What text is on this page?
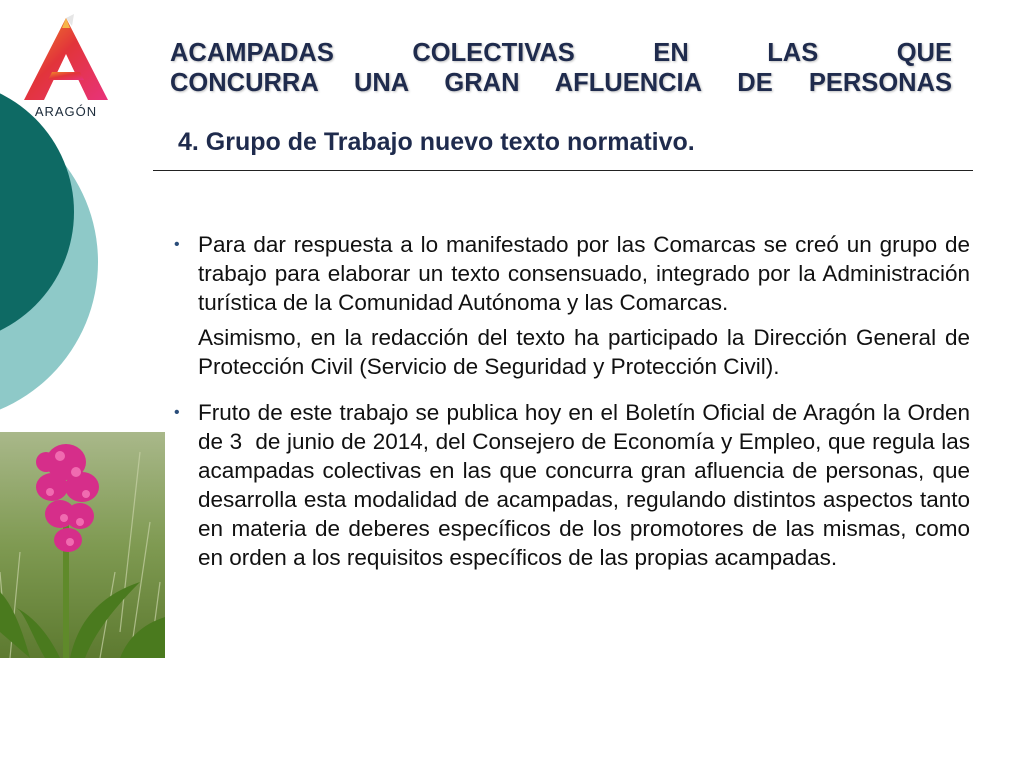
ARAGÓN
ACAMPADAS COLECTIVAS EN LAS QUE
CONCURRA UNA GRAN AFLUENCIA DE PERSONAS
4. Grupo de Trabajo nuevo texto normativo.
• Para dar respuesta a lo manifestado por las Comarcas se creó un grupo de trabajo para elaborar un texto consensuado, integrado por la Administración turística de la Comunidad Autónoma y las Comarcas.

Asimismo, en la redacción del texto ha participado la Dirección General de Protección Civil (Servicio de Seguridad y Protección Civil).

• Fruto de este trabajo se publica hoy en el Boletín Oficial de Aragón la Orden de 3  de junio de 2014, del Consejero de Economía y Empleo, que regula las acampadas colectivas en las que concurra gran afluencia de personas, que desarrolla esta modalidad de acampadas, regulando distintos aspectos tanto en materia de deberes específicos de los promotores de las mismas, como en orden a los requisitos específicos de las propias acampadas.
